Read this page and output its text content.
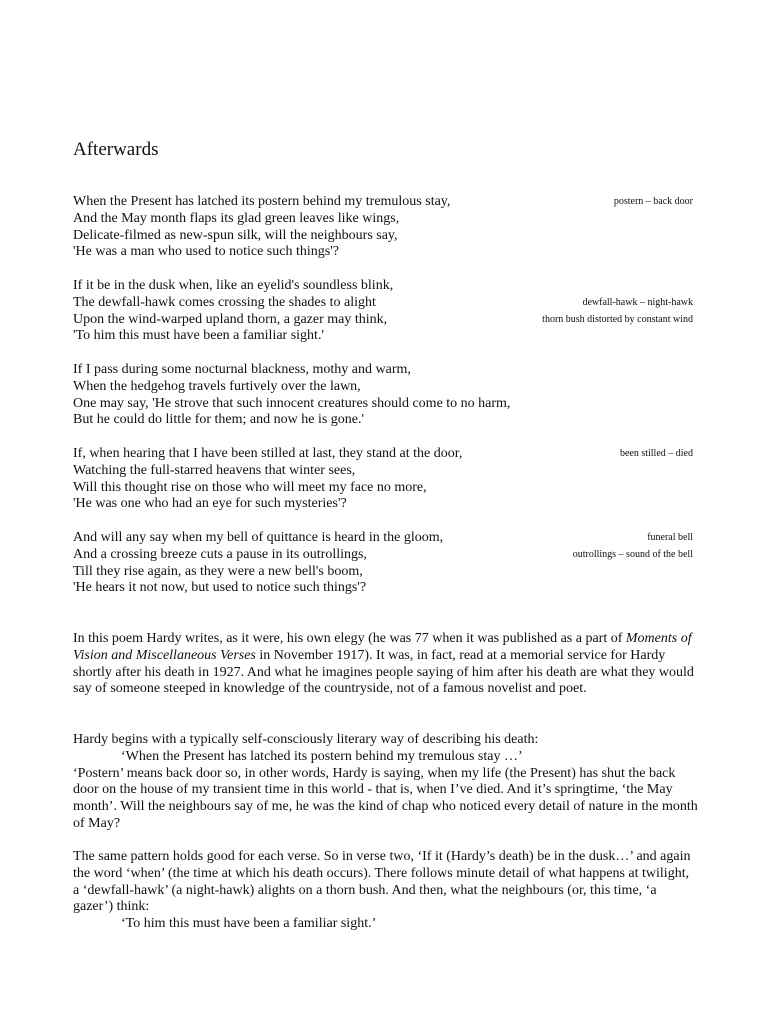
Afterwards
When the Present has latched its postern behind my tremulous stay,	postern – back door
And the May month flaps its glad green leaves like wings,
Delicate-filmed as new-spun silk, will the neighbours say,
'He was a man who used to notice such things'?
If it be in the dusk when, like an eyelid's soundless blink,
The dewfall-hawk comes crossing the shades to alight	dewfall-hawk – night-hawk
Upon the wind-warped upland thorn, a gazer may think,	thorn bush distorted by constant wind
'To him this must have been a familiar sight.'
If I pass during some nocturnal blackness, mothy and warm,
When the hedgehog travels furtively over the lawn,
One may say, 'He strove that such innocent creatures should come to no harm,
But he could do little for them; and now he is gone.'
If, when hearing that I have been stilled at last, they stand at the door,	been stilled – died
Watching the full-starred heavens that winter sees,
Will this thought rise on those who will meet my face no more,
'He was one who had an eye for such mysteries'?
And will any say when my bell of quittance is heard in the gloom,	funeral bell
And a crossing breeze cuts a pause in its outrollings,	outrollings – sound of the bell
Till they rise again, as they were a new bell's boom,
'He hears it not now, but used to notice such things'?

In this poem Hardy writes, as it were, his own elegy (he was 77 when it was published as a part of Moments of Vision and Miscellaneous Verses in November 1917). It was, in fact, read at a memorial service for Hardy shortly after his death in 1927. And what he imagines people saying of him after his death are what they would say of someone steeped in knowledge of the countryside, not of a famous novelist and poet.

Hardy begins with a typically self-consciously literary way of describing his death:

‘When the Present has latched its postern behind my tremulous stay …’

‘Postern’ means back door so, in other words, Hardy is saying, when my life (the Present) has shut the back door on the house of my transient time in this world - that is, when I’ve died. And it’s springtime, ‘the May month’. Will the neighbours say of me, he was the kind of chap who noticed every detail of nature in the month of May?

The same pattern holds good for each verse. So in verse two, ‘If it (Hardy’s death) be in the dusk…’ and again the word ‘when’ (the time at which his death occurs). There follows minute detail of what happens at twilight, a ‘dewfall-hawk’ (a night-hawk) alights on a thorn bush. And then, what the neighbours (or, this time, ‘a gazer’) think:

‘To him this must have been a familiar sight.’
